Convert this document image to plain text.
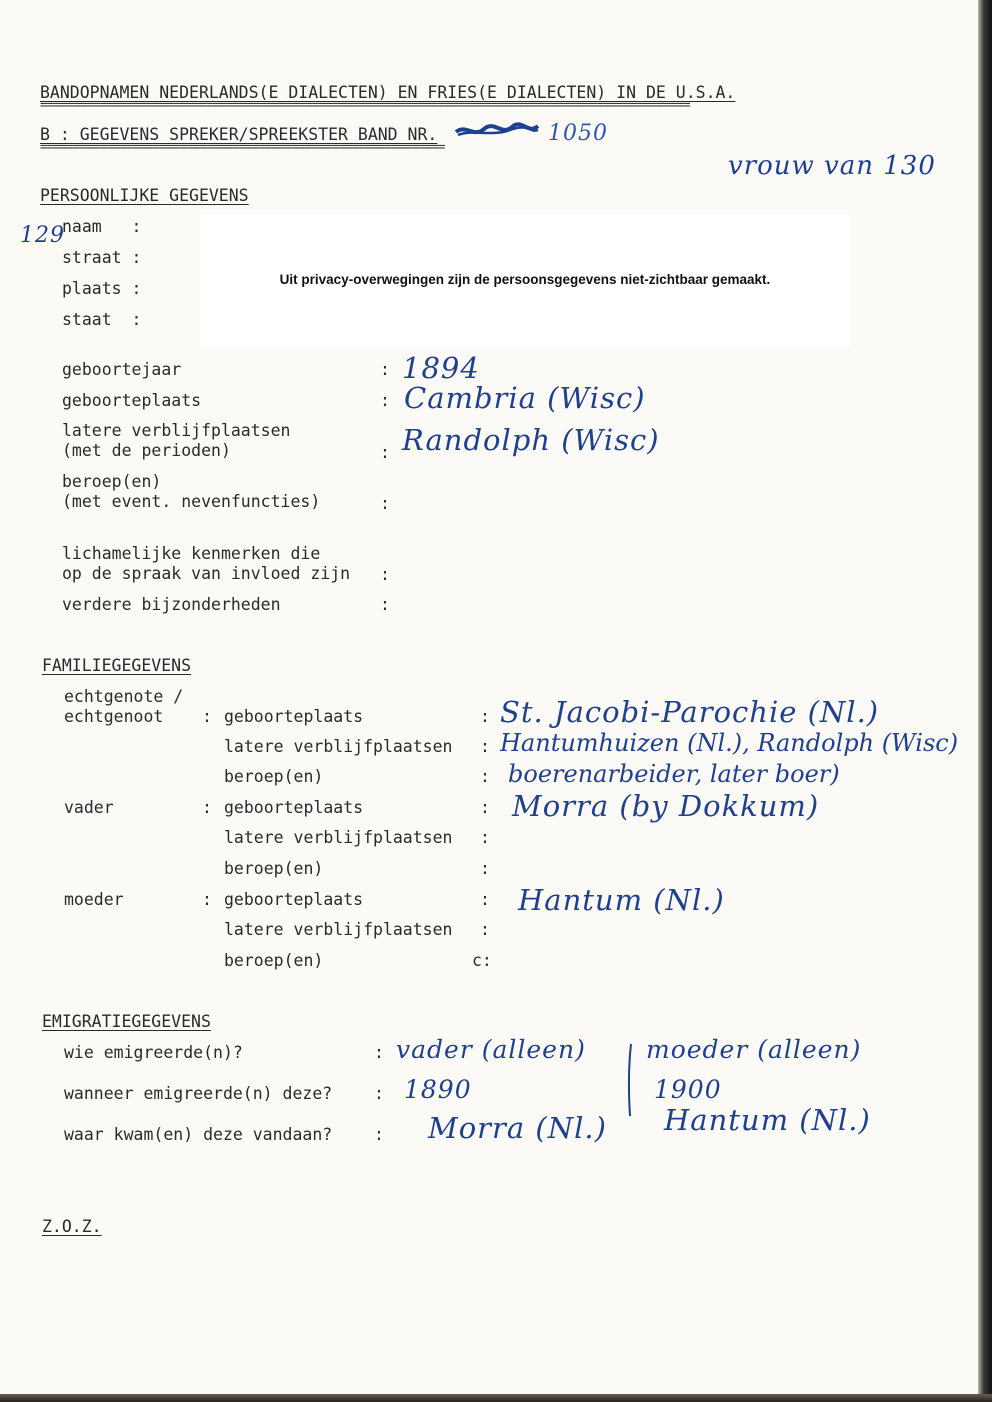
BANDOPNAMEN NEDERLANDS(E DIALECTEN) EN FRIES(E DIALECTEN) IN DE U.S.A.
==================================================================================================
B : GEGEVENS SPREKER/SPREEKSTER BAND NR.	1050
=============================================================
vrouw van 130
PERSOONLIJKE GEGEVENS
129
naam   :
straat :
plaats :
staat  :
Uit privacy-overwegingen zijn de persoonsgegevens niet-zichtbaar gemaakt.
geboortejaar	: 1894
geboorteplaats	: Cambria (Wisc)
latere verblijfplaatsen
(met de perioden)	: Randolph (Wisc)
beroep(en)
(met event. nevenfuncties)	:
lichamelijke kenmerken die
op de spraak van invloed zijn :
verdere bijzonderheden	:
FAMILIEGEGEVENS
echtgenote /
echtgenoot : geboorteplaats	: St. Jacobi-Parochie (Nl.)
latere verblijfplaatsen : Hantumhuizen (Nl.), Randolph (Wisc)
beroep(en)	: boerenarbeider, later boer)
vader	: geboorteplaats	: Morra (by Dokkum)
latere verblijfplaatsen :
beroep(en)	:
moeder	: geboorteplaats	: Hantum (Nl.)
latere verblijfplaatsen :
beroep(en)	c:
EMIGRATIEGEGEVENS
wie emigreerde(n)?	: vader (alleen) moeder (alleen)
wanneer emigreerde(n) deze?	: 1890	1900
waar kwam(en) deze vandaan?	: Morra (Nl.) Hantum (Nl.)
Z.O.Z.
